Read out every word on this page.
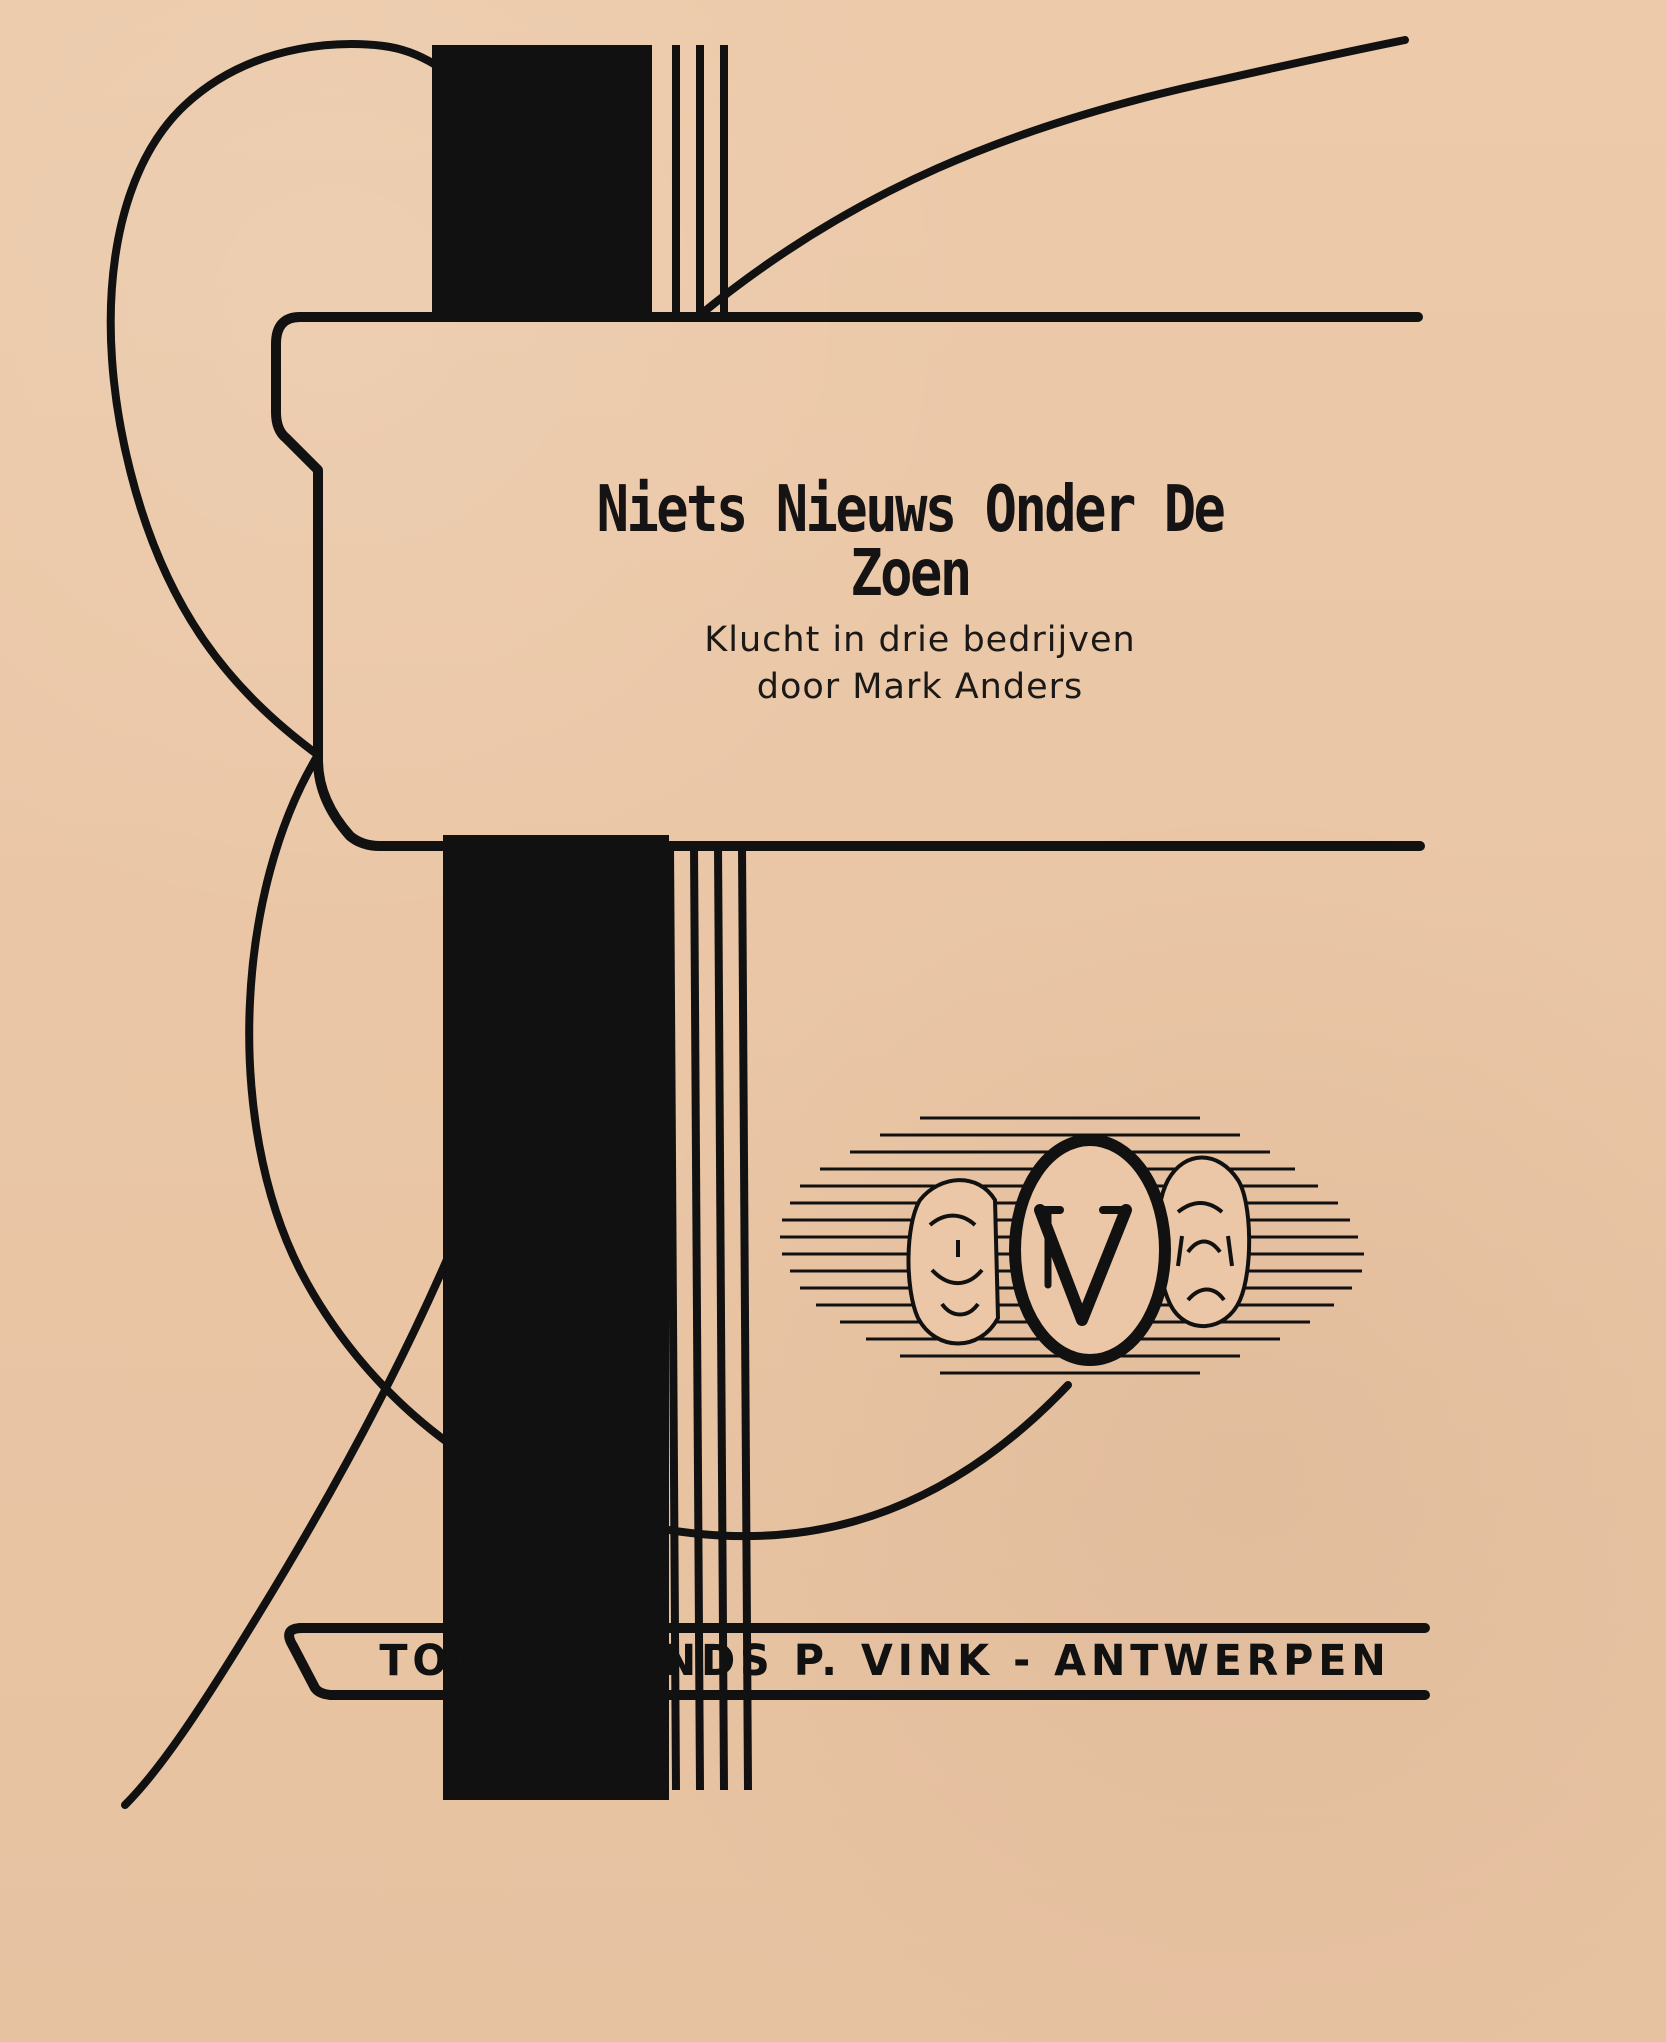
Niets Nieuws Onder De Zoen
Klucht in drie bedrijven
door Mark Anders
TONEELFONDS P. VINK - ANTWERPEN
